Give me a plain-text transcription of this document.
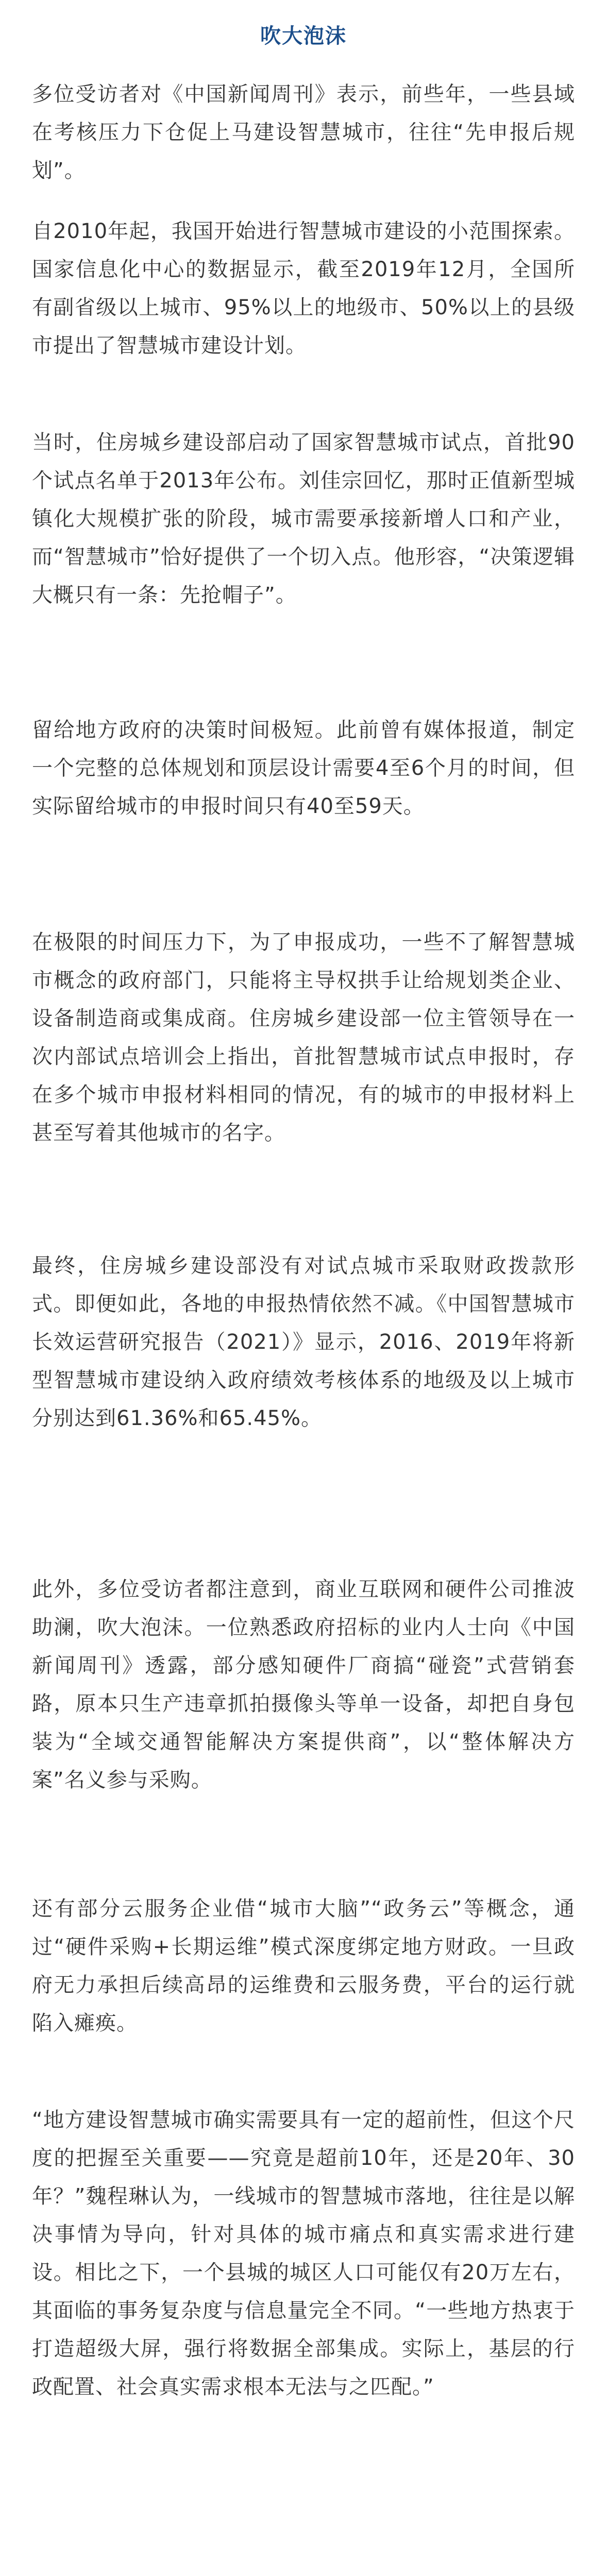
吹大泡沫
多位受访者对《中国新闻周刊》表示，前些年，一些县域在考核压力下仓促上马建设智慧城市，往往“先申报后规划”。
自2010年起，我国开始进行智慧城市建设的小范围探索。国家信息化中心的数据显示，截至2019年12月，全国所有副省级以上城市、95%以上的地级市、50%以上的县级市提出了智慧城市建设计划。
当时，住房城乡建设部启动了国家智慧城市试点，首批90个试点名单于2013年公布。刘佳宗回忆，那时正值新型城镇化大规模扩张的阶段，城市需要承接新增人口和产业，而“智慧城市”恰好提供了一个切入点。他形容，“决策逻辑大概只有一条：先抢帽子”。
留给地方政府的决策时间极短。此前曾有媒体报道，制定一个完整的总体规划和顶层设计需要4至6个月的时间，但实际留给城市的申报时间只有40至59天。
在极限的时间压力下，为了申报成功，一些不了解智慧城市概念的政府部门，只能将主导权拱手让给规划类企业、设备制造商或集成商。住房城乡建设部一位主管领导在一次内部试点培训会上指出，首批智慧城市试点申报时，存在多个城市申报材料相同的情况，有的城市的申报材料上甚至写着其他城市的名字。
最终，住房城乡建设部没有对试点城市采取财政拨款形式。即便如此，各地的申报热情依然不减。《中国智慧城市长效运营研究报告（2021）》显示，2016、2019年将新型智慧城市建设纳入政府绩效考核体系的地级及以上城市分别达到61.36%和65.45%。
此外，多位受访者都注意到，商业互联网和硬件公司推波助澜，吹大泡沫。一位熟悉政府招标的业内人士向《中国新闻周刊》透露，部分感知硬件厂商搞“碰瓷”式营销套路，原本只生产违章抓拍摄像头等单一设备，却把自身包装为“全域交通智能解决方案提供商”，以“整体解决方案”名义参与采购。
还有部分云服务企业借“城市大脑”“政务云”等概念，通过“硬件采购+长期运维”模式深度绑定地方财政。一旦政府无力承担后续高昂的运维费和云服务费，平台的运行就陷入瘫痪。
“地方建设智慧城市确实需要具有一定的超前性，但这个尺度的把握至关重要——究竟是超前10年，还是20年、30年？”魏程琳认为，一线城市的智慧城市落地，往往是以解决事情为导向，针对具体的城市痛点和真实需求进行建设。相比之下，一个县城的城区人口可能仅有20万左右，其面临的事务复杂度与信息量完全不同。“一些地方热衷于打造超级大屏，强行将数据全部集成。实际上，基层的行政配置、社会真实需求根本无法与之匹配。”
